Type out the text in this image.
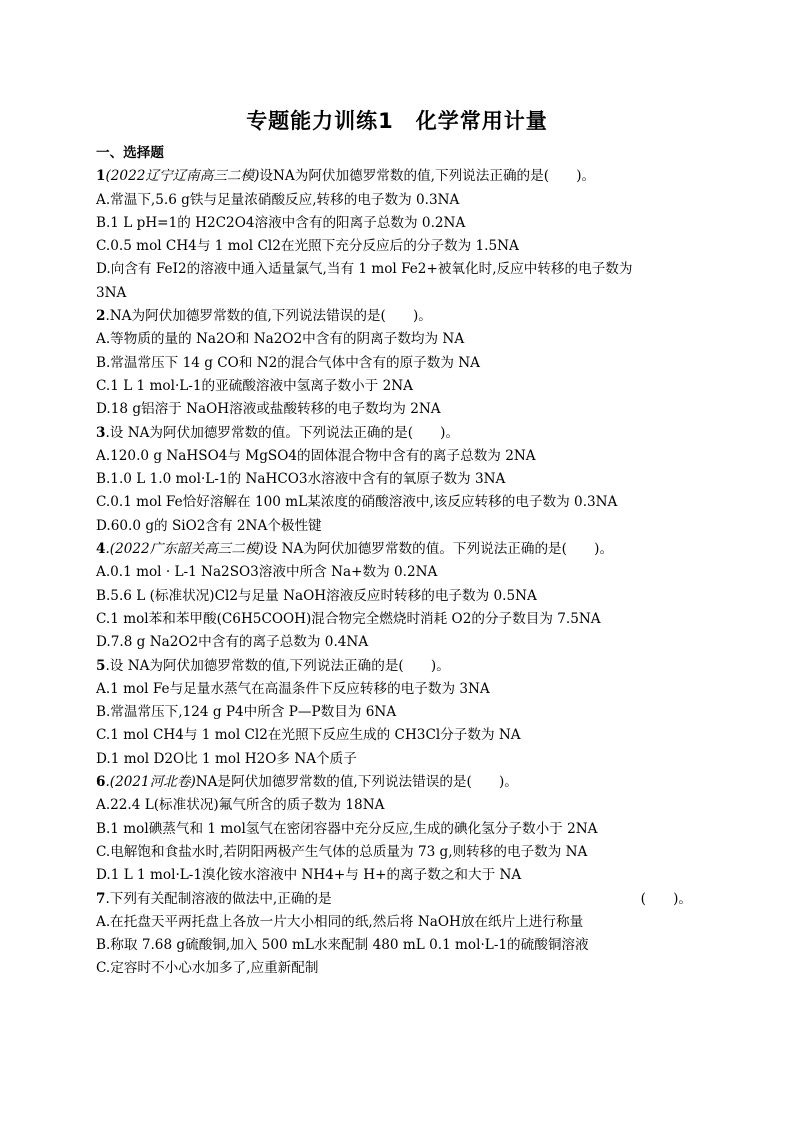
专题能力训练1　化学常用计量
一、选择题
1(2022辽宁辽南高三二模)设NA为阿伏加德罗常数的值,下列说法正确的是(　　)。
A.常温下,5.6 g铁与足量浓硝酸反应,转移的电子数为 0.3NA
B.1 L pH=1的 H2C2O4溶液中含有的阳离子总数为 0.2NA
C.0.5 mol CH4与 1 mol Cl2在光照下充分反应后的分子数为 1.5NA
D.向含有 FeI2的溶液中通入适量氯气,当有 1 mol Fe2+被氧化时,反应中转移的电子数为
3NA
2.NA为阿伏加德罗常数的值,下列说法错误的是(　　)。
A.等物质的量的 Na2O和 Na2O2中含有的阴离子数均为 NA
B.常温常压下 14 g CO和 N2的混合气体中含有的原子数为 NA
C.1 L 1 mol·L-1的亚硫酸溶液中氢离子数小于 2NA
D.18 g铝溶于 NaOH溶液或盐酸转移的电子数均为 2NA
3.设 NA为阿伏加德罗常数的值。下列说法正确的是(　　)。
A.120.0 g NaHSO4与 MgSO4的固体混合物中含有的离子总数为 2NA
B.1.0 L 1.0 mol·L-1的 NaHCO3水溶液中含有的氧原子数为 3NA
C.0.1 mol Fe恰好溶解在 100 mL某浓度的硝酸溶液中,该反应转移的电子数为 0.3NA
D.60.0 g的 SiO2含有 2NA个极性键
4.(2022广东韶关高三二模)设 NA为阿伏加德罗常数的值。下列说法正确的是(　　)。
A.0.1 mol · L-1 Na2SO3溶液中所含 Na+数为 0.2NA
B.5.6 L (标准状况)Cl2与足量 NaOH溶液反应时转移的电子数为 0.5NA
C.1 mol苯和苯甲酸(C6H5COOH)混合物完全燃烧时消耗 O2的分子数目为 7.5NA
D.7.8 g Na2O2中含有的离子总数为 0.4NA
5.设 NA为阿伏加德罗常数的值,下列说法正确的是(　　)。
A.1 mol Fe与足量水蒸气在高温条件下反应转移的电子数为 3NA
B.常温常压下,124 g P4中所含 P—P数目为 6NA
C.1 mol CH4与 1 mol Cl2在光照下反应生成的 CH3Cl分子数为 NA
D.1 mol D2O比 1 mol H2O多 NA个质子
6.(2021河北卷)NA是阿伏加德罗常数的值,下列说法错误的是(　　)。
A.22.4 L(标准状况)氟气所含的质子数为 18NA
B.1 mol碘蒸气和 1 mol氢气在密闭容器中充分反应,生成的碘化氢分子数小于 2NA
C.电解饱和食盐水时,若阴阳两极产生气体的总质量为 73 g,则转移的电子数为 NA
D.1 L 1 mol·L-1溴化铵水溶液中 NH4+与 H+的离子数之和大于 NA
7.下列有关配制溶液的做法中,正确的是	(　　)。
A.在托盘天平两托盘上各放一片大小相同的纸,然后将 NaOH放在纸片上进行称量
B.称取 7.68 g硫酸铜,加入 500 mL水来配制 480 mL 0.1 mol·L-1的硫酸铜溶液
C.定容时不小心水加多了,应重新配制
